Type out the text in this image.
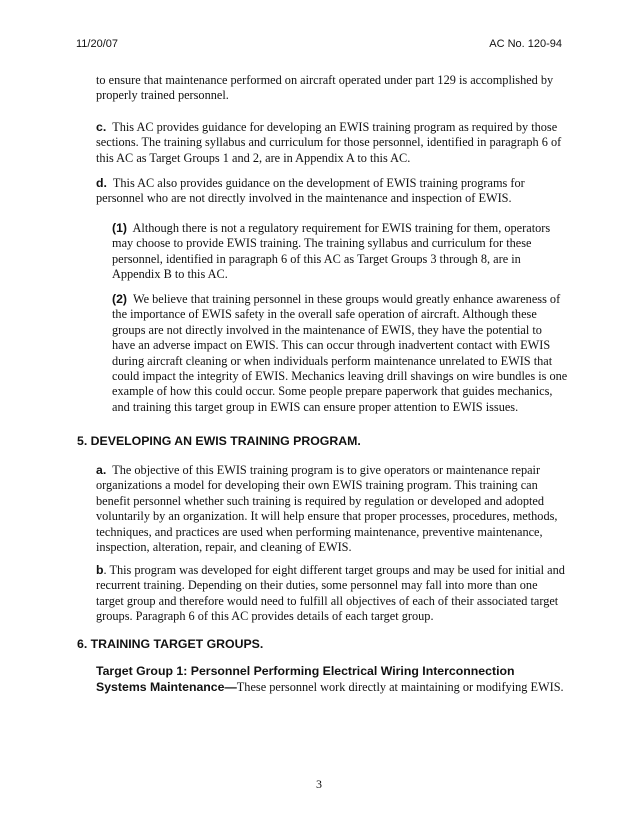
11/20/07	AC No. 120-94
to ensure that maintenance performed on aircraft operated under part 129 is accomplished by properly trained personnel.
c. This AC provides guidance for developing an EWIS training program as required by those sections. The training syllabus and curriculum for those personnel, identified in paragraph 6 of this AC as Target Groups 1 and 2, are in Appendix A to this AC.
d. This AC also provides guidance on the development of EWIS training programs for personnel who are not directly involved in the maintenance and inspection of EWIS.
(1) Although there is not a regulatory requirement for EWIS training for them, operators may choose to provide EWIS training. The training syllabus and curriculum for these personnel, identified in paragraph 6 of this AC as Target Groups 3 through 8, are in Appendix B to this AC.
(2) We believe that training personnel in these groups would greatly enhance awareness of the importance of EWIS safety in the overall safe operation of aircraft. Although these groups are not directly involved in the maintenance of EWIS, they have the potential to have an adverse impact on EWIS. This can occur through inadvertent contact with EWIS during aircraft cleaning or when individuals perform maintenance unrelated to EWIS that could impact the integrity of EWIS. Mechanics leaving drill shavings on wire bundles is one example of how this could occur. Some people prepare paperwork that guides mechanics, and training this target group in EWIS can ensure proper attention to EWIS issues.
5. DEVELOPING AN EWIS TRAINING PROGRAM.
a. The objective of this EWIS training program is to give operators or maintenance repair organizations a model for developing their own EWIS training program. This training can benefit personnel whether such training is required by regulation or developed and adopted voluntarily by an organization. It will help ensure that proper processes, procedures, methods, techniques, and practices are used when performing maintenance, preventive maintenance, inspection, alteration, repair, and cleaning of EWIS.
b. This program was developed for eight different target groups and may be used for initial and recurrent training. Depending on their duties, some personnel may fall into more than one target group and therefore would need to fulfill all objectives of each of their associated target groups. Paragraph 6 of this AC provides details of each target group.
6. TRAINING TARGET GROUPS.
Target Group 1: Personnel Performing Electrical Wiring Interconnection Systems Maintenance—These personnel work directly at maintaining or modifying EWIS.
3
